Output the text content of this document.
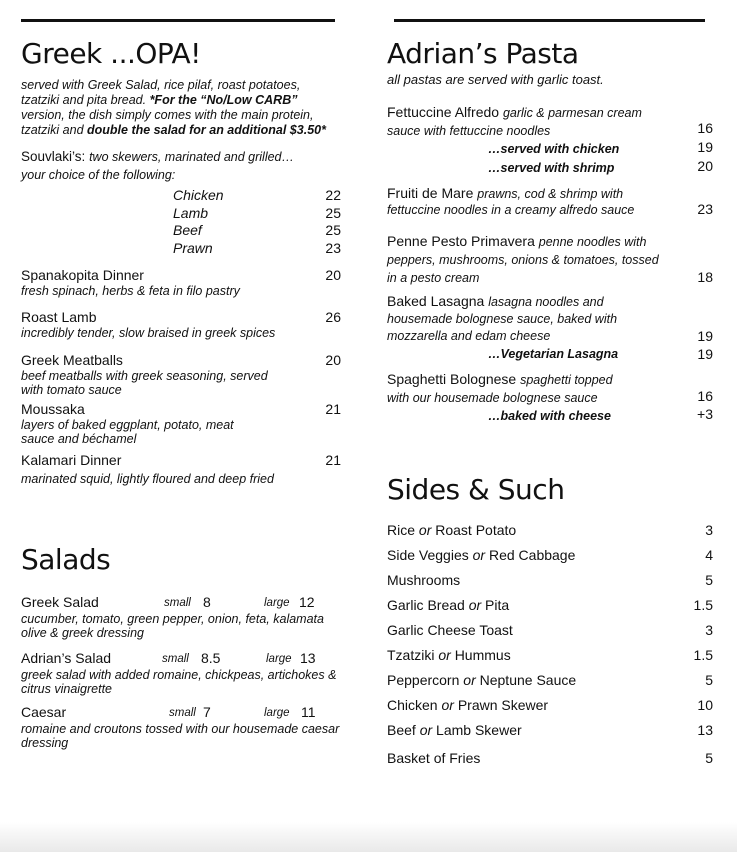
Greek ...OPA!
served with Greek Salad, rice pilaf, roast potatoes, tzatziki and pita bread. *For the “No/Low CARB” version, the dish simply comes with the main protein, tzatziki and double the salad for an additional $3.50*
Souvlaki’s: two skewers, marinated and grilled…
your choice of the following:
Chicken	22
Lamb	25
Beef	25
Prawn	23
Spanakopita Dinner	20
fresh spinach, herbs & feta in filo pastry
Roast Lamb	26
incredibly tender, slow braised in greek spices
Greek Meatballs	20
beef meatballs with greek seasoning, served with tomato sauce
Moussaka	21
layers of baked eggplant, potato, meat sauce and béchamel
Kalamari Dinner	21
marinated squid, lightly floured and deep fried
Salads
Greek Salad	small 8	large 12
cucumber, tomato, green pepper, onion, feta, kalamata olive & greek dressing
Adrian’s Salad	small 8.5	large 13
greek salad with added romaine, chickpeas, artichokes & citrus vinaigrette
Caesar	small 7	large 11
romaine and croutons tossed with our housemade caesar dressing
Adrian’s Pasta
all pastas are served with garlic toast.
Fettuccine Alfredo garlic & parmesan cream
sauce with fettuccine noodles	16
…served with chicken	19
…served with shrimp	20
Fruiti de Mare prawns, cod & shrimp with
fettuccine noodles in a creamy alfredo sauce	23
Penne Pesto Primavera penne noodles with
peppers, mushrooms, onions & tomatoes, tossed
in a pesto cream	18
Baked Lasagna lasagna noodles and
housemade bolognese sauce, baked with
mozzarella and edam cheese	19
…Vegetarian Lasagna	19
Spaghetti Bolognese spaghetti topped
with our housemade bolognese sauce	16
…baked with cheese	+3
Sides & Such
Rice or Roast Potato	3
Side Veggies or Red Cabbage	4
Mushrooms	5
Garlic Bread or Pita	1.5
Garlic Cheese Toast	3
Tzatziki or Hummus	1.5
Peppercorn or Neptune Sauce	5
Chicken or Prawn Skewer	10
Beef or Lamb Skewer	13
Basket of Fries	5
